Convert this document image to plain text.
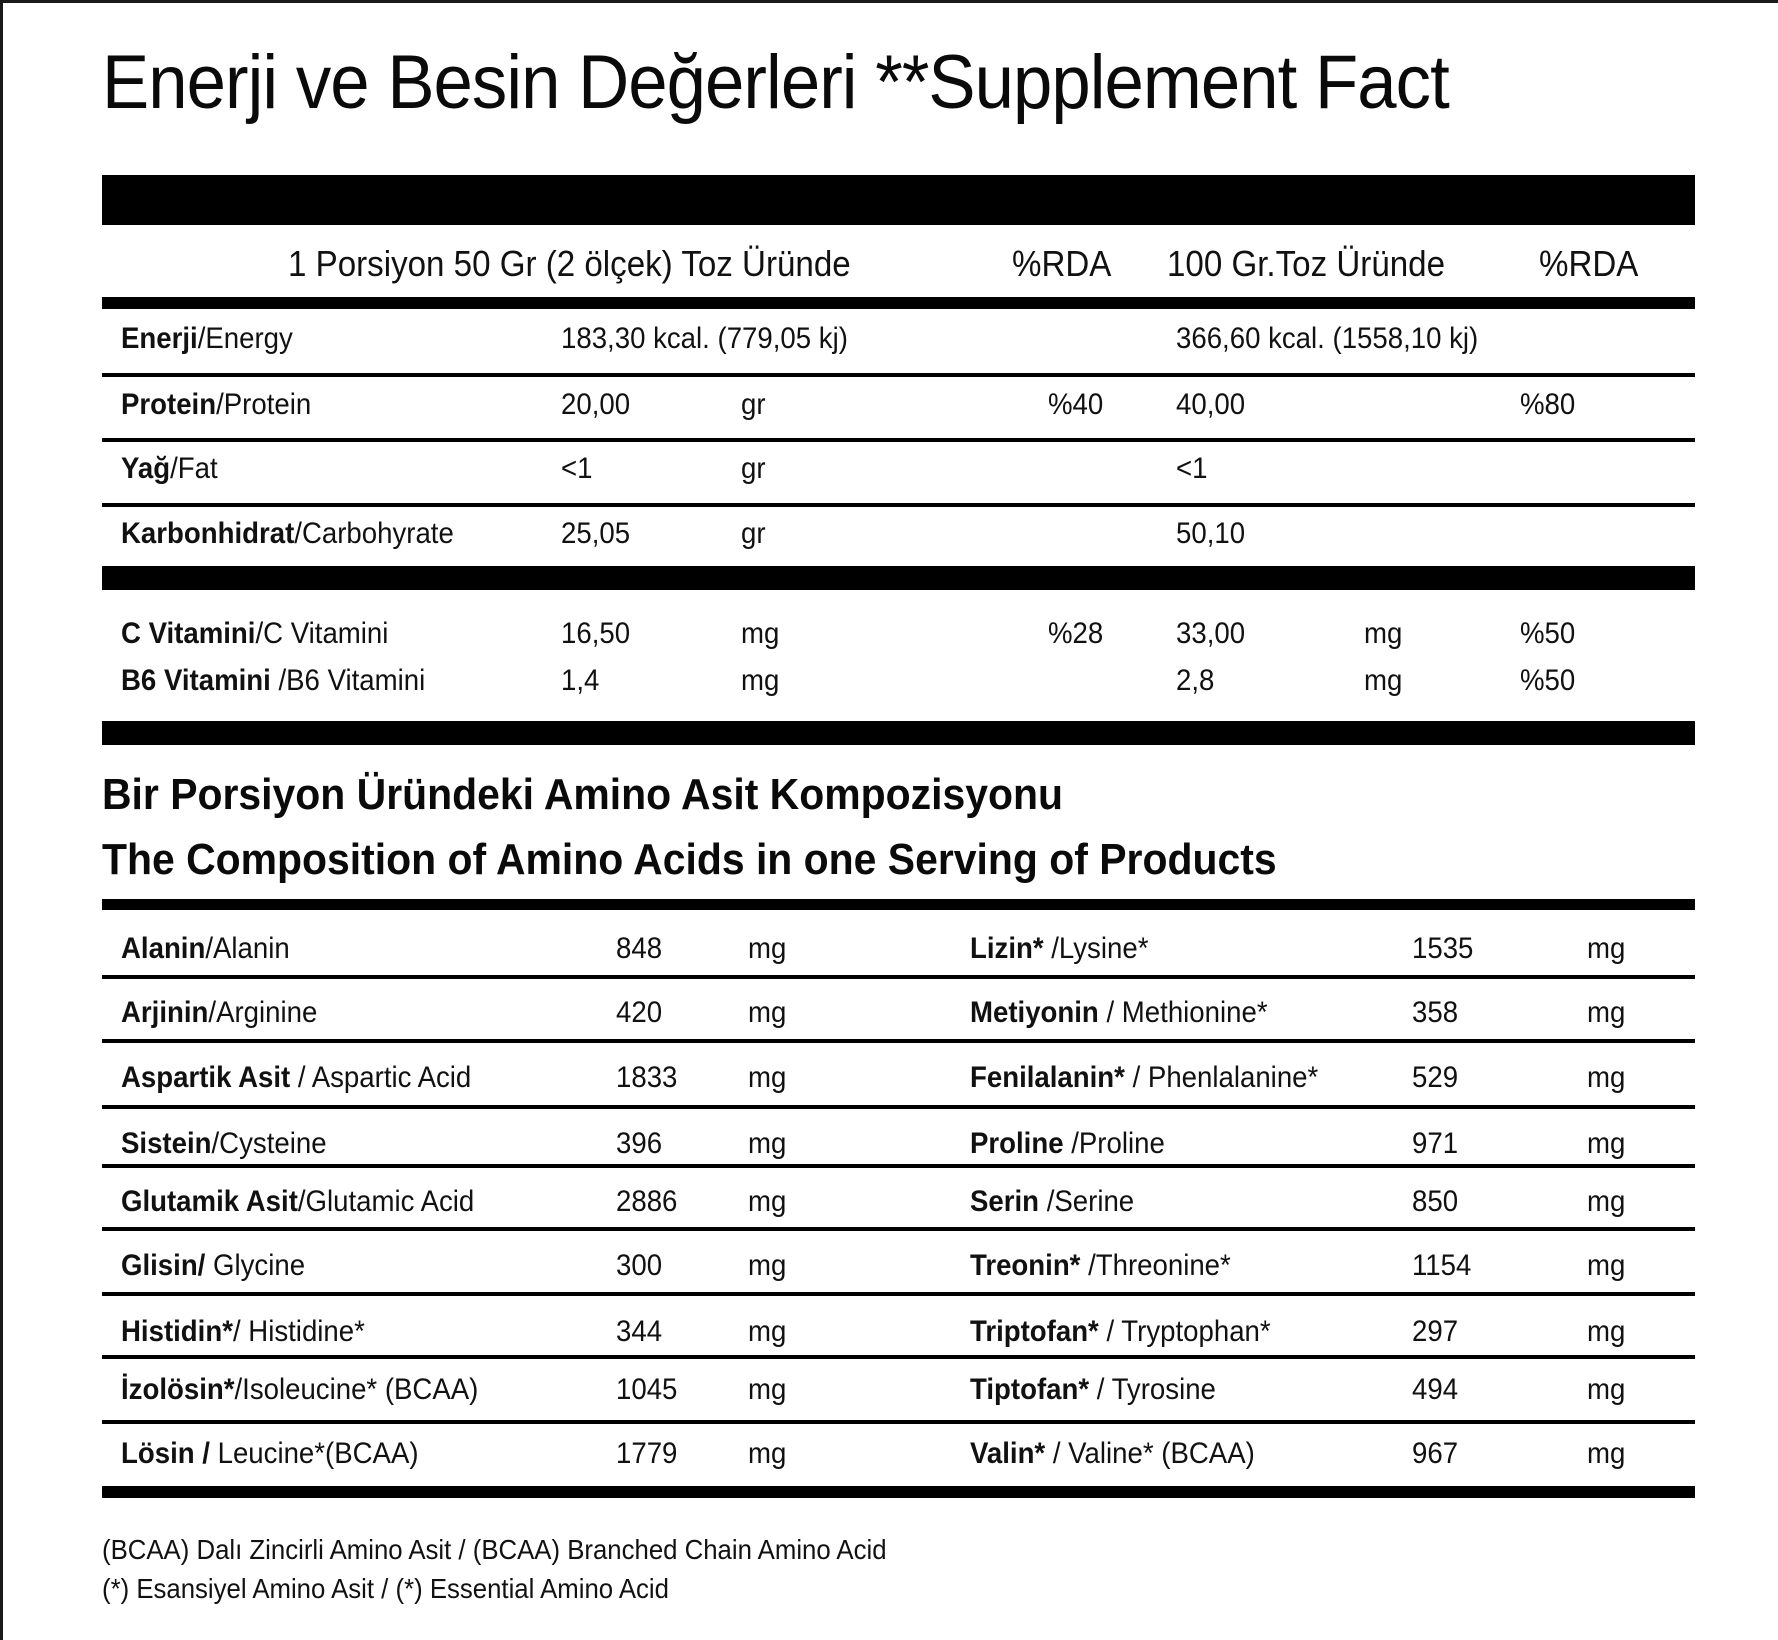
Enerji ve Besin Değerleri **Supplement Fact
1 Porsiyon 50 Gr (2 ölçek) Toz Üründe	%RDA 100 Gr.Toz Üründe	%RDA
Enerji/Energy	183,30 kcal. (779,05 kj)	366,60 kcal. (1558,10 kj)
Protein/Protein	20,00	gr	%40 40,00	%80
Yağ/Fat	<1	gr	<1
Karbonhidrat/Carbohyrate	25,05	gr	50,10
C Vitamini/C Vitamini	16,50	mg	%28 33,00	mg	%50
B6 Vitamini /B6 Vitamini	1,4	mg	2,8	mg	%50
Bir Porsiyon Üründeki Amino Asit Kompozisyonu
The Composition of Amino Acids in one Serving of Products
Alanin/Alanin	848	mg	Lizin* /Lysine*	1535	mg
Arjinin/Arginine	420	mg	Metiyonin / Methionine*	358	mg
Aspartik Asit / Aspartic Acid	1833 mg	Fenilalanin* / Phenlalanine*	529	mg
Sistein/Cysteine	396	mg	Proline /Proline	971	mg
Glutamik Asit/Glutamic Acid	2886 mg	Serin /Serine	850	mg
Glisin/ Glycine	300	mg	Treonin* /Threonine*	1154	mg
Histidin*/ Histidine*	344	mg	Triptofan* / Tryptophan*	297	mg
İzolösin*/Isoleucine* (BCAA)	1045 mg	Tiptofan* / Tyrosine	494	mg
Lösin / Leucine*(BCAA)	1779 mg	Valin* / Valine* (BCAA)	967	mg
(BCAA) Dalı Zincirli Amino Asit / (BCAA) Branched Chain Amino Acid
(*) Esansiyel Amino Asit / (*) Essential Amino Acid
